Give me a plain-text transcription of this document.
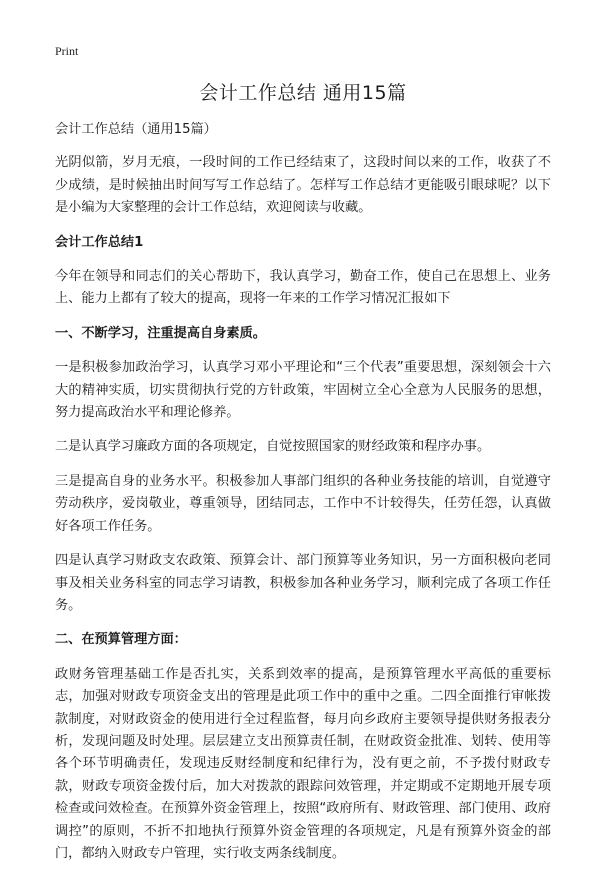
Print
会计工作总结 通用15篇

会计工作总结（通用15篇）

光阴似箭，岁月无痕，一段时间的工作已经结束了，这段时间以来的工作，收获了不少成绩，是时候抽出时间写写工作总结了。怎样写工作总结才更能吸引眼球呢？以下是小编为大家整理的会计工作总结，欢迎阅读与收藏。

会计工作总结1

今年在领导和同志们的关心帮助下，我认真学习，勤奋工作，使自己在思想上、业务上、能力上都有了较大的提高，现将一年来的工作学习情况汇报如下

一、不断学习，注重提高自身素质。

一是积极参加政治学习，认真学习邓小平理论和“三个代表”重要思想，深刻领会十六大的精神实质，切实贯彻执行党的方针政策，牢固树立全心全意为人民服务的思想，努力提高政治水平和理论修养。

二是认真学习廉政方面的各项规定，自觉按照国家的财经政策和程序办事。

三是提高自身的业务水平。积极参加人事部门组织的各种业务技能的培训，自觉遵守劳动秩序，爱岗敬业，尊重领导，团结同志，工作中不计较得失，任劳任怨，认真做好各项工作任务。

四是认真学习财政支农政策、预算会计、部门预算等业务知识，另一方面积极向老同事及相关业务科室的同志学习请教，积极参加各种业务学习，顺利完成了各项工作任务。

二、在预算管理方面：

政财务管理基础工作是否扎实，关系到效率的提高，是预算管理水平高低的重要标志，加强对财政专项资金支出的管理是此项工作中的重中之重。二四全面推行审帐拨款制度，对财政资金的使用进行全过程监督，每月向乡政府主要领导提供财务报表分析，发现问题及时处理。层层建立支出预算责任制，在财政资金批准、划转、使用等各个环节明确责任，发现违反财经制度和纪律行为，没有更之前，不予拨付财政专款，财政专项资金拨付后，加大对拨款的跟踪问效管理，并定期或不定期地开展专项检查或问效检查。在预算外资金管理上，按照“政府所有、财政管理、部门使用、政府调控”的原则，不折不扣地执行预算外资金管理的各项规定，凡是有预算外资金的部门，都纳入财政专户管理，实行收支两条线制度。
